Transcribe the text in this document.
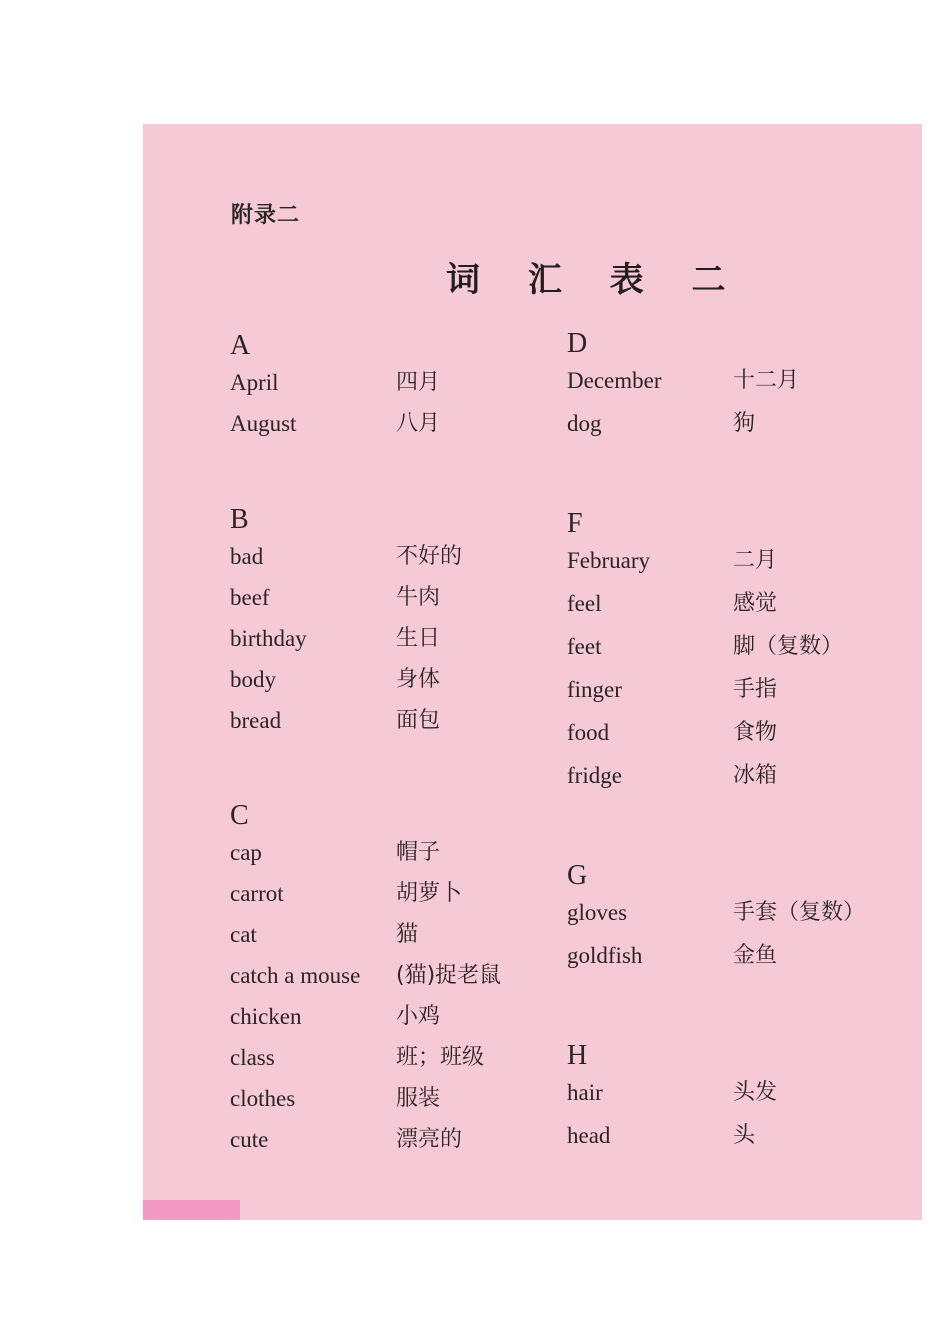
附录二
词 汇 表 二
A
April	四月
August	八月
B
bad	不好的
beef	牛肉
birthday	生日
body	身体
bread	面包
C
cap	帽子
carrot	胡萝卜
cat	猫
catch a mouse (猫)捉老鼠
chicken	小鸡
class	班；班级
clothes	服装
cute	漂亮的
D
December	十二月
dog	狗
F
February	二月
feel	感觉
feet	脚（复数）
finger	手指
food	食物
fridge	冰箱
G
gloves	手套（复数）
goldfish	金鱼
H
hair	头发
head	头
